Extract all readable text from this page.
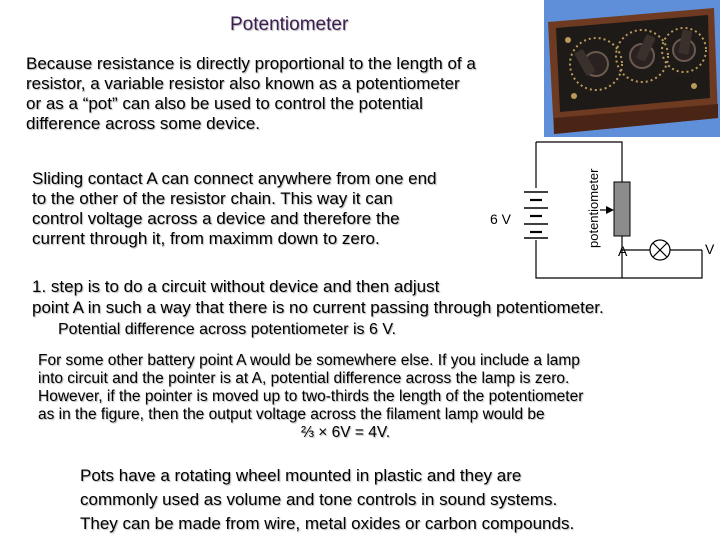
Potentiometer

Because resistance is directly proportional to the length of a
resistor, a variable resistor also known as a potentiometer
or as a “pot” can also be used to control the potential
difference across some device.

Sliding contact A can connect anywhere from one end
to the other of the resistor chain. This way it can
control voltage across a device and therefore the
current through it, from maximm down to zero.

1. step is to do a circuit without device and then adjust
point A in such a way that there is no current passing through potentiometer.

Potential difference across potentiometer is 6 V.

For some other battery point A would be somewhere else. If you include a lamp
into circuit and the pointer is at A, potential difference across the lamp is zero.
However, if the pointer is moved up to two-thirds the length of the potentiometer
as in the figure, then the output voltage across the filament lamp would be
⅔ × 6V = 4V.

Pots have a rotating wheel mounted in plastic and they are
commonly used as volume and tone controls in sound systems.
They can be made from wire, metal oxides or carbon compounds.

6 V	potentiometer
A	V
